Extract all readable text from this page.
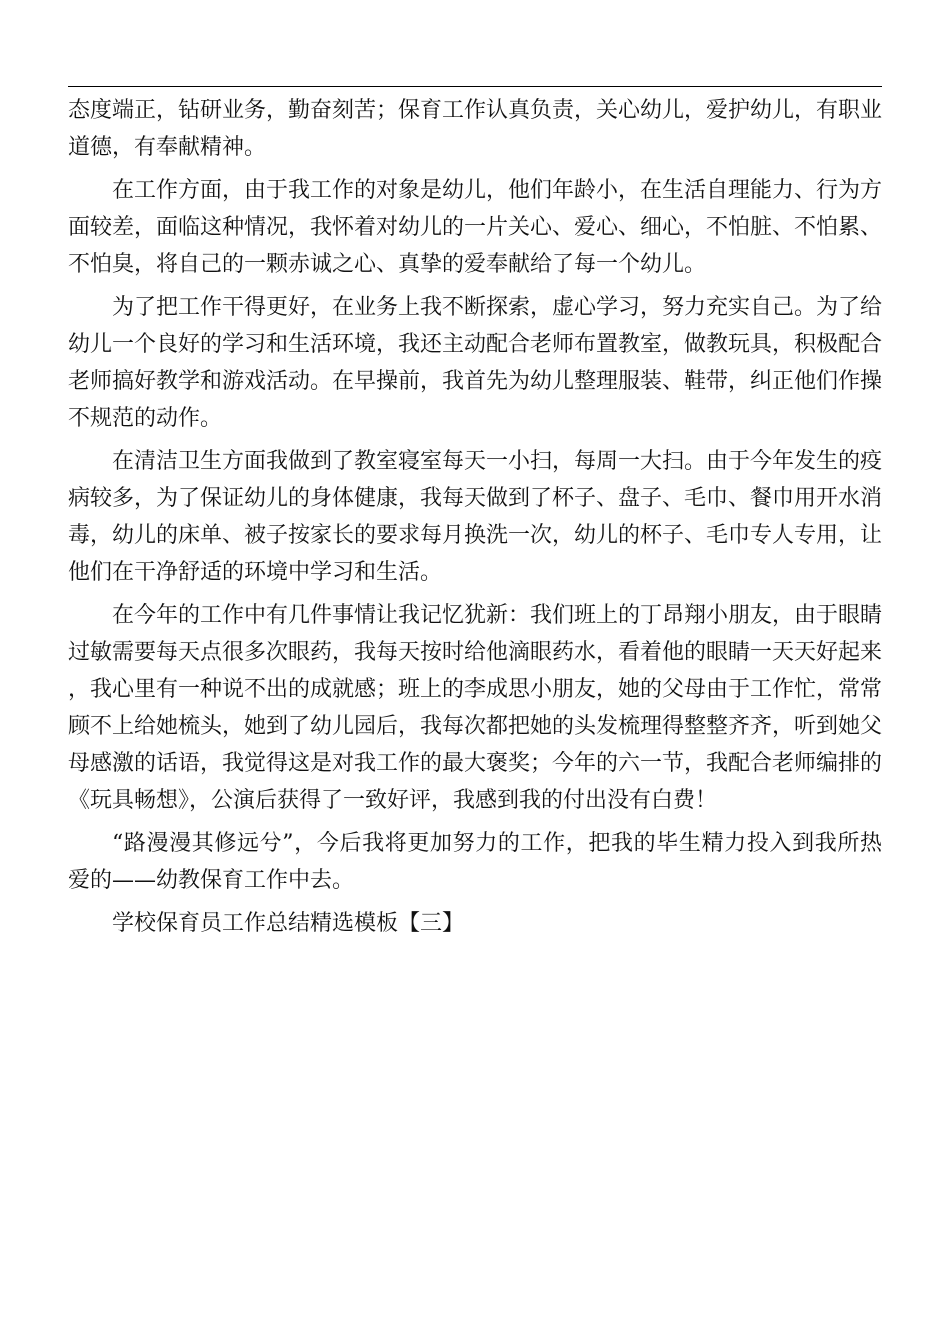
态度端正，钻研业务，勤奋刻苦；保育工作认真负责，关心幼儿，爱护幼儿，有职业道德，有奉献精神。

在工作方面，由于我工作的对象是幼儿，他们年龄小，在生活自理能力、行为方面较差，面临这种情况，我怀着对幼儿的一片关心、爱心、细心，不怕脏、不怕累、不怕臭，将自己的一颗赤诚之心、真挚的爱奉献给了每一个幼儿。

为了把工作干得更好，在业务上我不断探索，虚心学习，努力充实自己。为了给幼儿一个良好的学习和生活环境，我还主动配合老师布置教室，做教玩具，积极配合老师搞好教学和游戏活动。在早操前，我首先为幼儿整理服装、鞋带，纠正他们作操不规范的动作。

在清洁卫生方面我做到了教室寝室每天一小扫，每周一大扫。由于今年发生的疫病较多，为了保证幼儿的身体健康，我每天做到了杯子、盘子、毛巾、餐巾用开水消毒，幼儿的床单、被子按家长的要求每月换洗一次，幼儿的杯子、毛巾专人专用，让他们在干净舒适的环境中学习和生活。

在今年的工作中有几件事情让我记忆犹新：我们班上的丁昂翔小朋友，由于眼睛过敏需要每天点很多次眼药，我每天按时给他滴眼药水，看着他的眼睛一天天好起来，我心里有一种说不出的成就感；班上的李成思小朋友，她的父母由于工作忙，常常顾不上给她梳头，她到了幼儿园后，我每次都把她的头发梳理得整整齐齐，听到她父母感激的话语，我觉得这是对我工作的最大褒奖；今年的六一节，我配合老师编排的《玩具畅想》，公演后获得了一致好评，我感到我的付出没有白费！

“路漫漫其修远兮”，今后我将更加努力的工作，把我的毕生精力投入到我所热爱的——幼教保育工作中去。

学校保育员工作总结精选模板【三】
